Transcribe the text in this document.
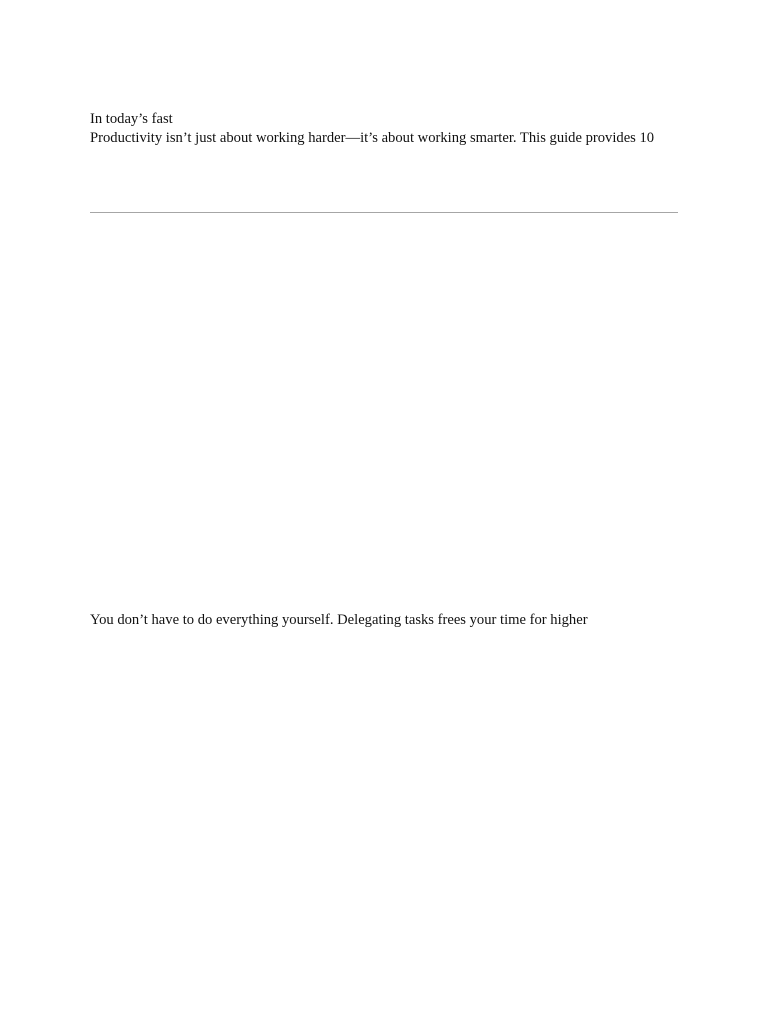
In today’s fast
Productivity isn’t just about working harder—it’s about working smarter. This guide provides 10
You don’t have to do everything yourself. Delegating tasks frees your time for higher
